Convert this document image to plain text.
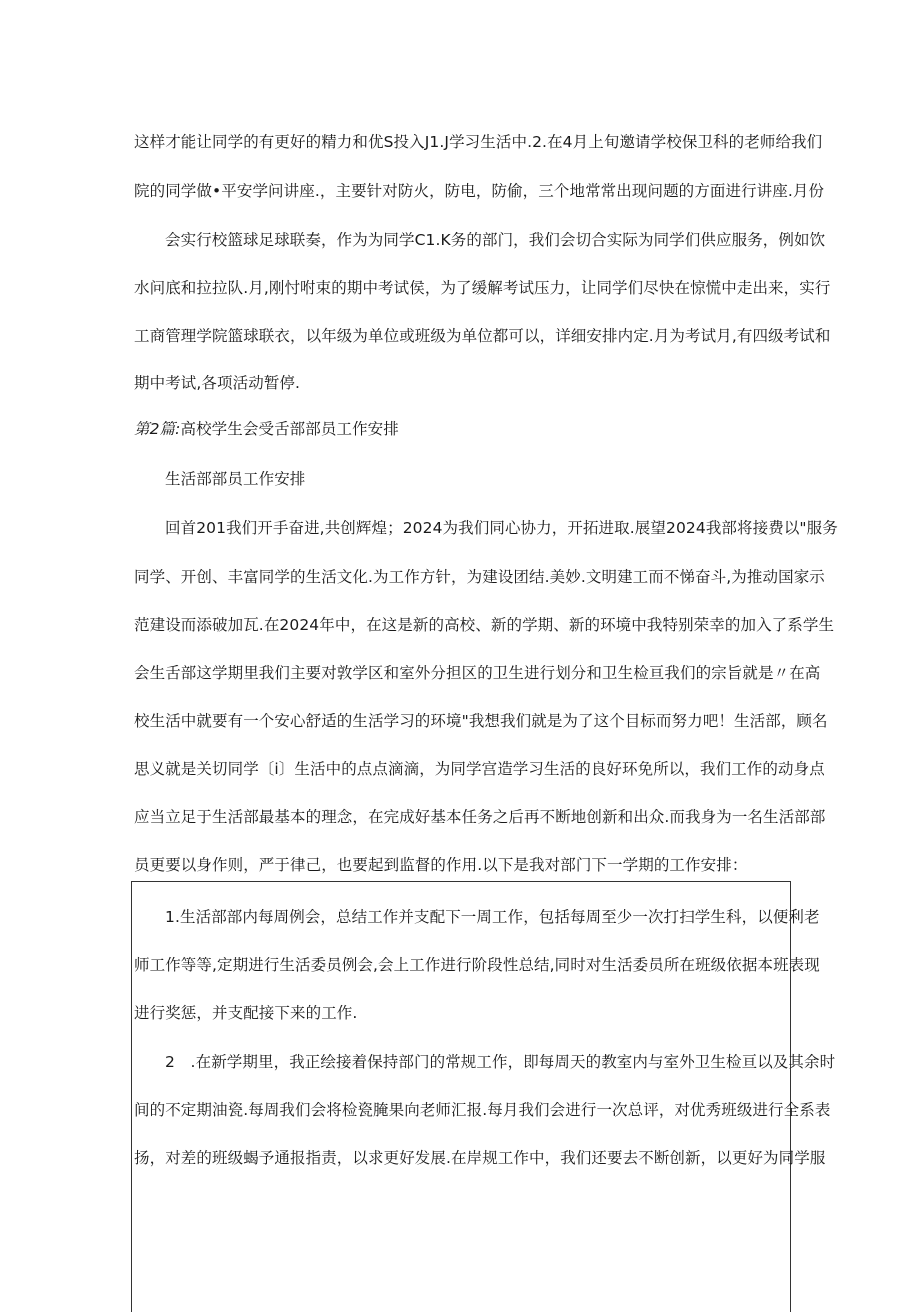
这样才能让同学的有更好的精力和优S投入J1.J学习生活中.2.在4月上旬邀请学校保卫科的老师给我们
院的同学做•平安学问讲座.，主要针对防火，防电，防偷，三个地常常出现问题的方面进行讲座.月份
会实行校篮球足球联奏，作为为同学C1.K务的部门，我们会切合实际为同学们供应服务，例如饮
水问底和拉拉队.月,刚忖咐束的期中考试侯，为了缓解考试压力，让同学们尽快在惊慌中走出来，实行
工商管理学院篮球联衣，以年级为单位或班级为单位都可以，详细安排内定.月为考试月,有四级考试和
期中考试,各项活动暂停.
第2篇:高校学生会受舌部部员工作安排
生活部部员工作安排
回首201我们开手奋进,共创辉煌；2024为我们同心协力，开拓进取.展望2024我部将接费以"服务
同学、开创、丰富同学的生活文化.为工作方针，为建设团结.美妙.文明建工而不悌奋斗,为推动国家示
范建设而添破加瓦.在2024年中，在这是新的高校、新的学期、新的环境中我特别荣幸的加入了系学生
会生舌部这学期里我们主要对敦学区和室外分担区的卫生进行划分和卫生检亘我们的宗旨就是〃在高
校生活中就要有一个安心舒适的生活学习的环境"我想我们就是为了这个目标而努力吧！生活部，顾名
思义就是关切同学〔i〕生活中的点点滴滴，为同学宫造学习生活的良好环免所以，我们工作的动身点
应当立足于生活部最基本的理念，在完成好基本任务之后再不断地创新和出众.而我身为一名生活部部
员更要以身作则，严于律己，也要起到监督的作用.以下是我对部门下一学期的工作安排：
1.生活部部内每周例会，总结工作并支配下一周工作，包括每周至少一次打扫学生科，以便利老
师工作等等,定期进行生活委员例会,会上工作进行阶段性总结,同时对生活委员所在班级依据本班表现
进行奖惩，并支配接下来的工作.
2　.在新学期里，我正绘接着保持部门的常规工作，即每周天的教室内与室外卫生检亘以及其余时
间的不定期油瓷.每周我们会将检瓷腌果向老师汇报.每月我们会进行一次总评，对优秀班级进行全系表
扬，对差的班级蝎予通报指责，以求更好发展.在岸规工作中，我们还要去不断创新，以更好为同学服
